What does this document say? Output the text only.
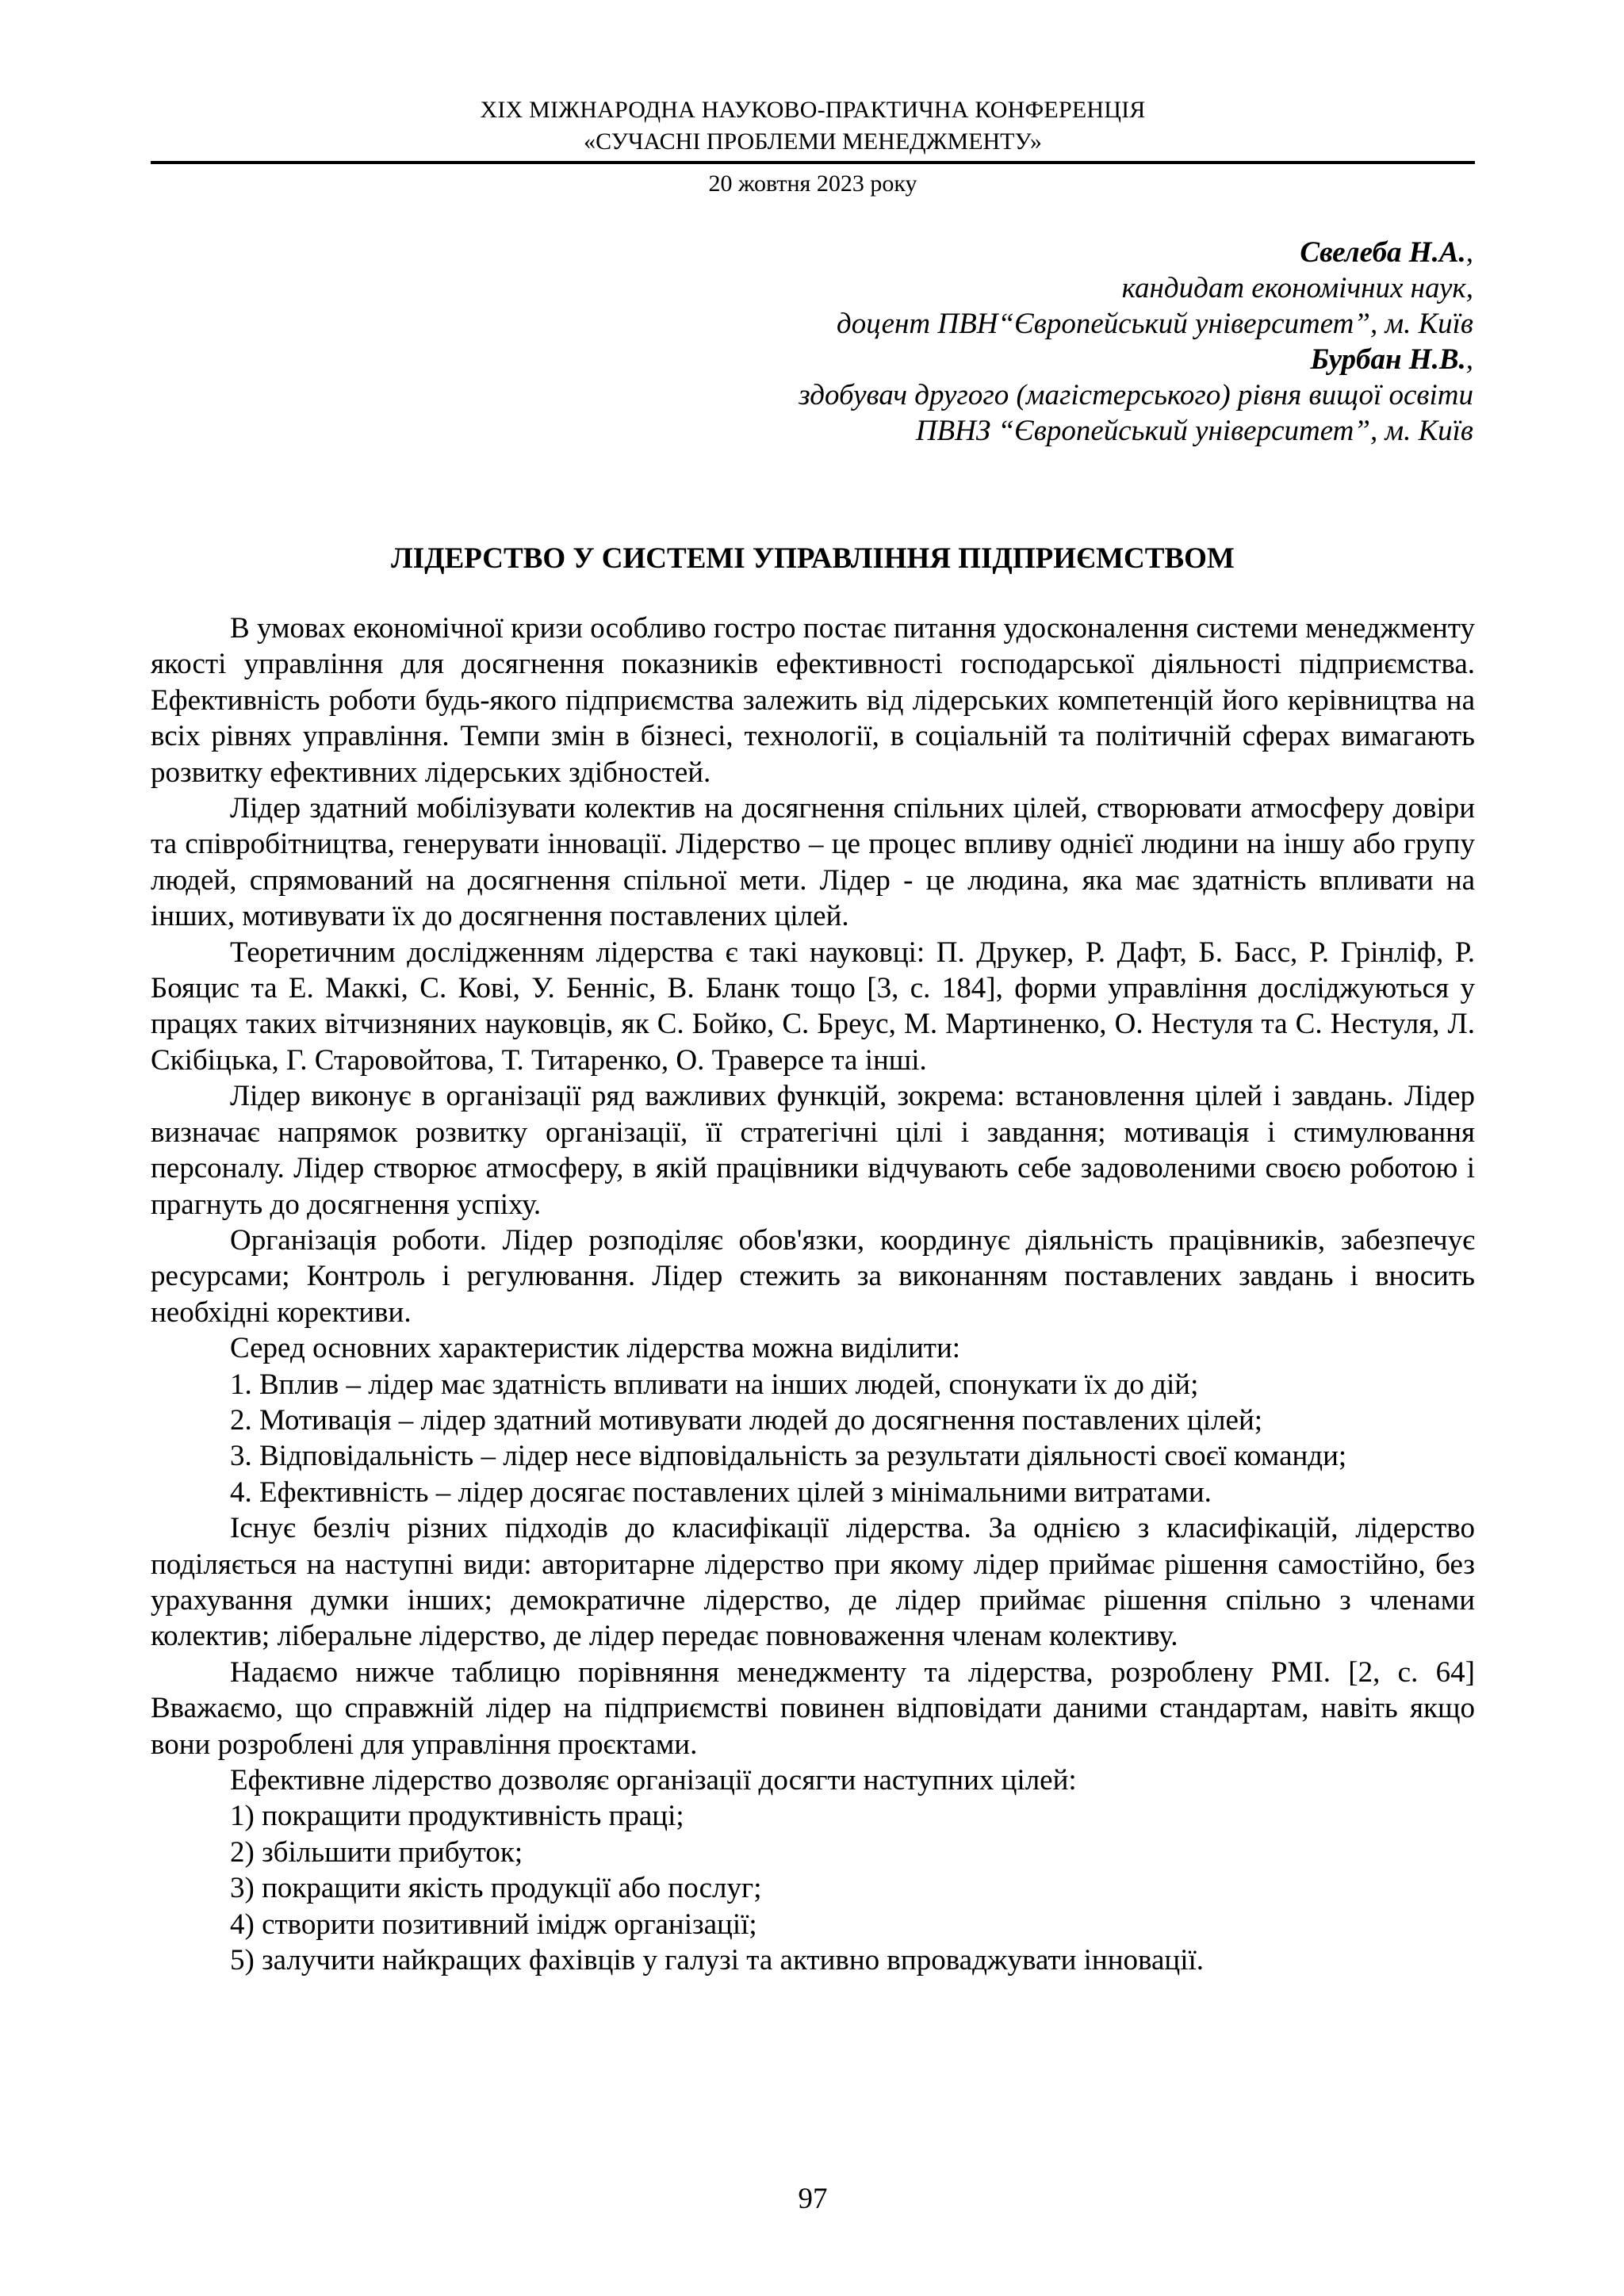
XIX МІЖНАРОДНА НАУКОВО-ПРАКТИЧНА КОНФЕРЕНЦІЯ
«СУЧАСНІ ПРОБЛЕМИ МЕНЕДЖМЕНТУ»
20 жовтня 2023 року
Свелеба Н.А.,
кандидат економічних наук,
доцент ПВН“Європейський університет”, м. Київ
Бурбан Н.В.,
здобувач другого (магістерського) рівня вищої освіти
ПВНЗ “Європейський університет”, м. Київ
ЛІДЕРСТВО У СИСТЕМІ УПРАВЛІННЯ ПІДПРИЄМСТВОМ

В умовах економічної кризи особливо гостро постає питання удосконалення системи менеджменту якості управління для досягнення показників ефективності господарської діяльності підприємства. Ефективність роботи будь-якого підприємства залежить від лідерських компетенцій його керівництва на всіх рівнях управління. Темпи змін в бізнесі, технології, в соціальній та політичній сферах вимагають розвитку ефективних лідерських здібностей.

Лідер здатний мобілізувати колектив на досягнення спільних цілей, створювати атмосферу довіри та співробітництва, генерувати інновації. Лідерство – це процес впливу однієї людини на іншу або групу людей, спрямований на досягнення спільної мети. Лідер - це людина, яка має здатність впливати на інших, мотивувати їх до досягнення поставлених цілей.

Теоретичним дослідженням лідерства є такі науковці: П. Друкер, Р. Дафт, Б. Басс, Р. Грінліф, Р. Бояцис та Е. Маккі, С. Кові, У. Бенніс, В. Бланк тощо [3, с. 184], форми управління досліджуються у працях таких вітчизняних науковців, як С. Бойко, С. Бреус, М. Мартиненко, О. Нестуля та С. Нестуля, Л. Скібіцька, Г. Старовойтова, Т. Титаренко, О. Траверсе та інші.

Лідер виконує в організації ряд важливих функцій, зокрема: встановлення цілей і завдань. Лідер визначає напрямок розвитку організації, її стратегічні цілі і завдання; мотивація і стимулювання персоналу. Лідер створює атмосферу, в якій працівники відчувають себе задоволеними своєю роботою і прагнуть до досягнення успіху.

Організація роботи. Лідер розподіляє обов'язки, координує діяльність працівників, забезпечує ресурсами; Контроль і регулювання. Лідер стежить за виконанням поставлених завдань і вносить необхідні корективи.

Серед основних характеристик лідерства можна виділити:

1. Вплив – лідер має здатність впливати на інших людей, спонукати їх до дій;

2. Мотивація – лідер здатний мотивувати людей до досягнення поставлених цілей;

3. Відповідальність – лідер несе відповідальність за результати діяльності своєї команди;

4. Ефективність – лідер досягає поставлених цілей з мінімальними витратами.

Існує безліч різних підходів до класифікації лідерства. За однією з класифікацій, лідерство поділяється на наступні види: авторитарне лідерство при якому лідер приймає рішення самостійно, без урахування думки інших; демократичне лідерство, де лідер приймає рішення спільно з членами колектив; ліберальне лідерство, де лідер передає повноваження членам колективу.

Надаємо нижче таблицю порівняння менеджменту та лідерства, розроблену PMI. [2, с. 64] Вважаємо, що справжній лідер на підприємстві повинен відповідати даними стандартам, навіть якщо вони розроблені для управління проєктами.

Ефективне лідерство дозволяє організації досягти наступних цілей:

1) покращити продуктивність праці;

2) збільшити прибуток;

3) покращити якість продукції або послуг;

4) створити позитивний імідж організації;

5) залучити найкращих фахівців у галузі та активно впроваджувати інновації.

97
